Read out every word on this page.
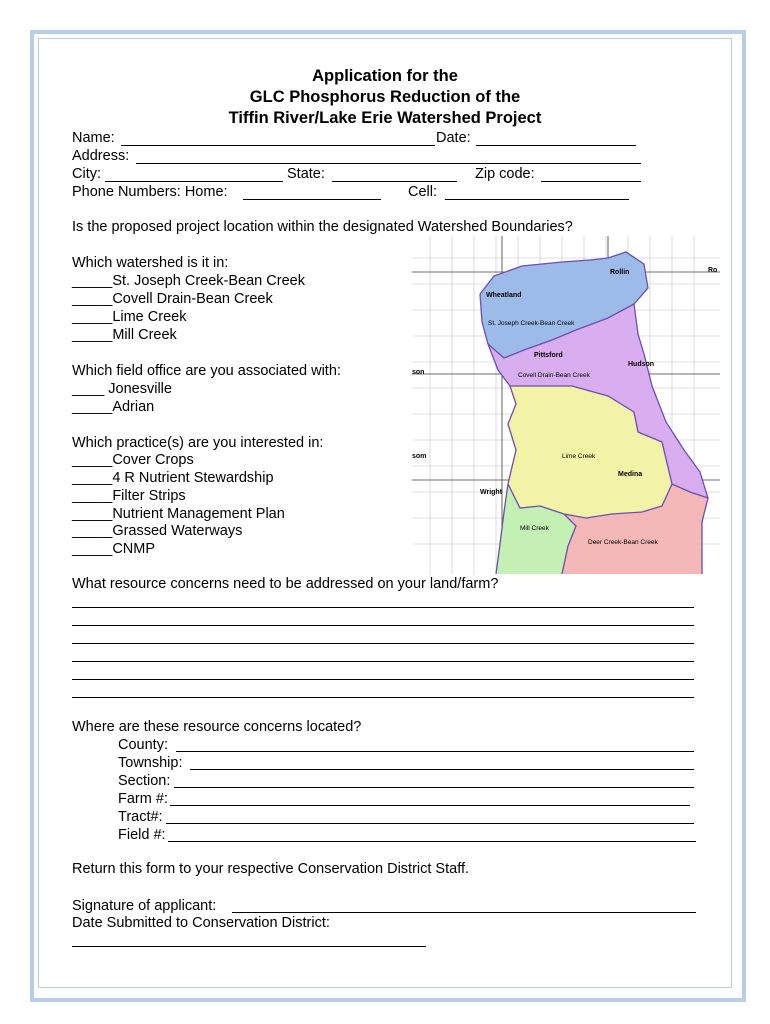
Application for the
GLC Phosphorus Reduction of the
Tiffin River/Lake Erie Watershed Project
Name:	Date:
Address:
City:	State:	Zip code:
Phone Numbers: Home:	Cell:
Is the proposed project location within the designated Watershed Boundaries?
Which watershed is it in:
_____St. Joseph Creek-Bean Creek
_____Covell Drain-Bean Creek
_____Lime Creek
_____Mill Creek
Which field office are you associated with:
____ Jonesville
_____Adrian
Which practice(s) are you interested in:
_____Cover Crops
_____4 R Nutrient Stewardship
_____Filter Strips
_____Nutrient Management Plan
_____Grassed Waterways
_____CNMP
St. Joseph Creek-Bean Creek
Covell Drain-Bean Creek
Lime Creek
Mill Creek
Deer Creek-Bean Creek
Wheatland
Rollin
Pittsford
Hudson
Medina
Wright
Ro
son
som
What resource concerns need to be addressed on your land/farm?
Where are these resource concerns located?
County:
Township:
Section:
Farm #:
Tract#:
Field #:
Return this form to your respective Conservation District Staff.
Signature of applicant:
Date Submitted to Conservation District:
